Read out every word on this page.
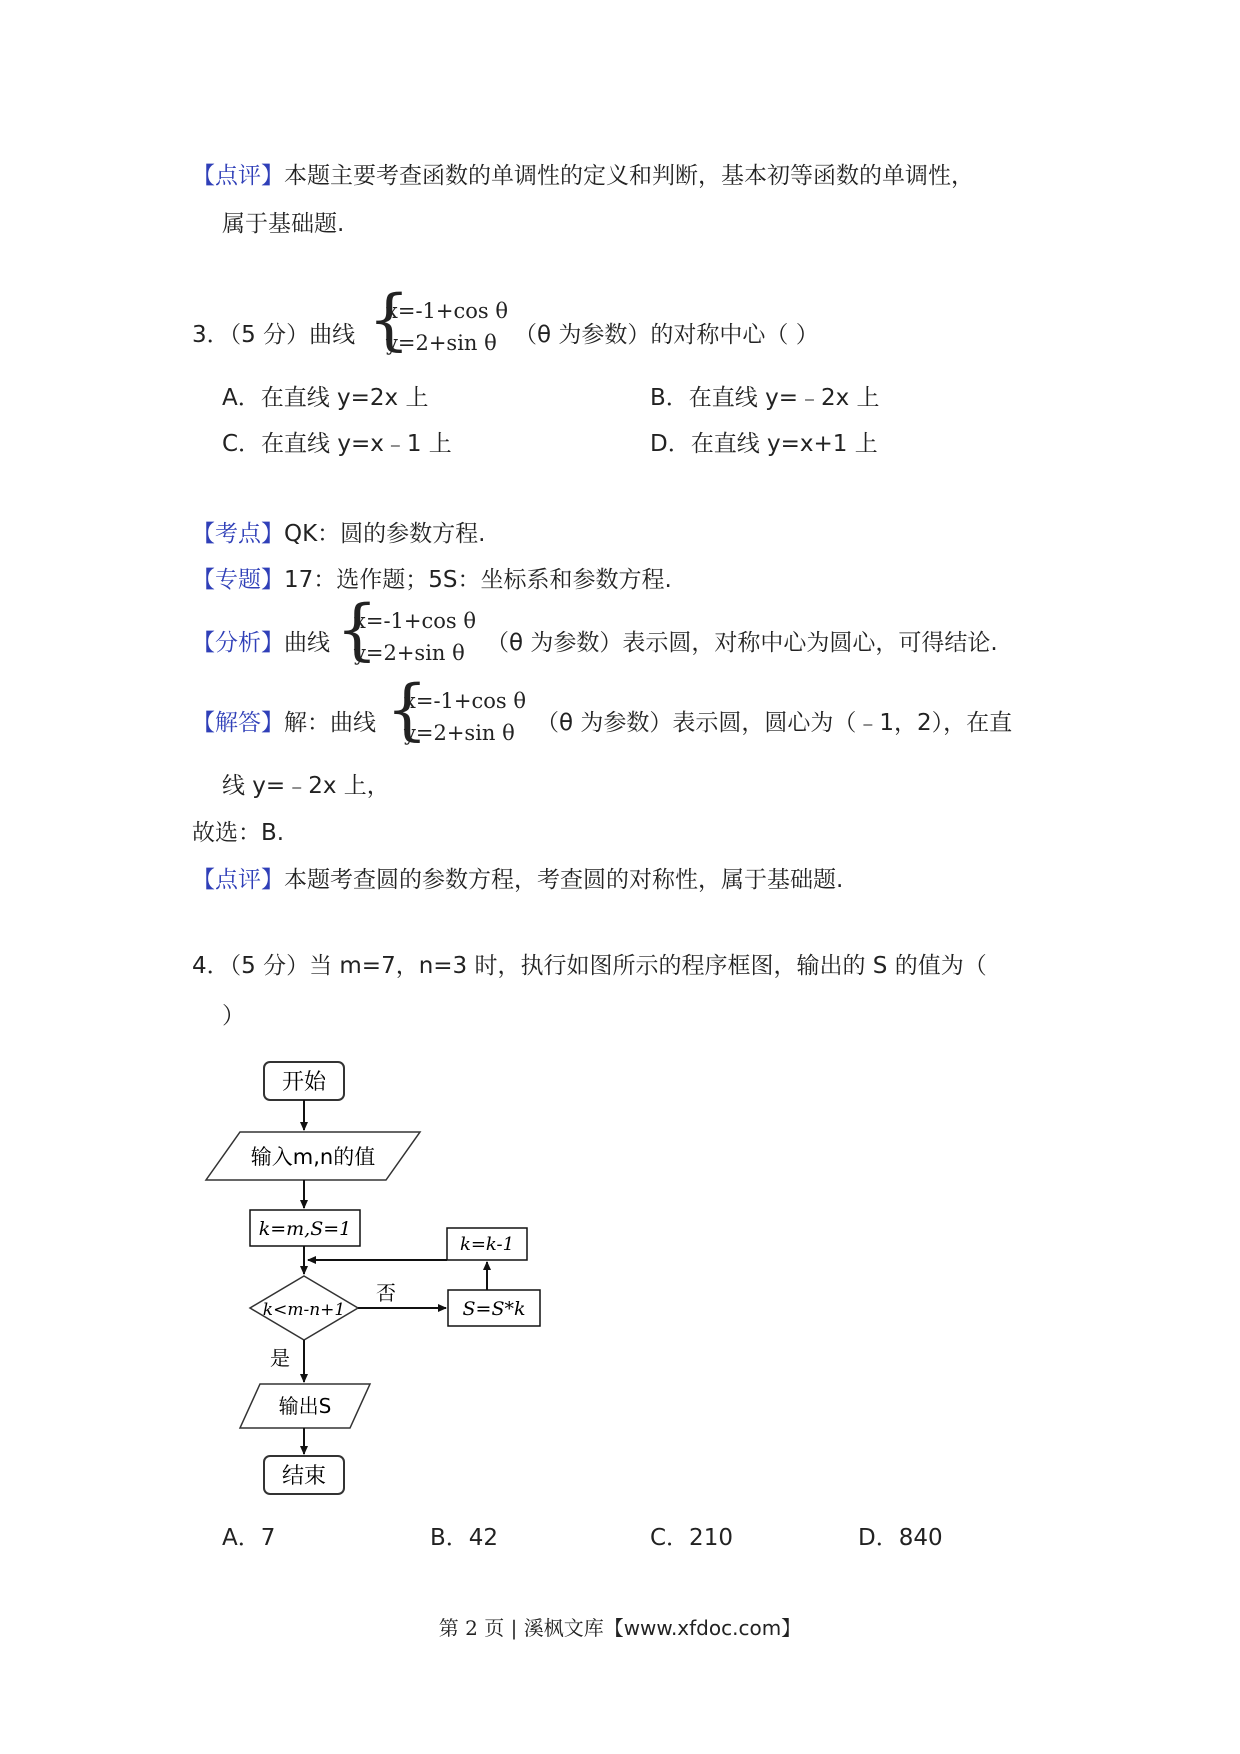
【点评】本题主要考查函数的单调性的定义和判断，基本初等函数的单调性，
属于基础题.
3．（5 分）曲线 {
x=-1+cos θ
y=2+sin θ （θ 为参数）的对称中心（ ）
A．在直线 y=2x 上	B．在直线 y=﹣2x 上
C．在直线 y=x﹣1 上	D．在直线 y=x+1 上
【考点】QK：圆的参数方程.
【专题】17：选作题；5S：坐标系和参数方程.
【分析】曲线 {
x=-1+cos θ
y=2+sin θ （θ 为参数）表示圆，对称中心为圆心，可得结论.
【解答】解：曲线 {
x=-1+cos θ
y=2+sin θ （θ 为参数）表示圆，圆心为（﹣1，2），在直
线 y=﹣2x 上，
故选：B.
【点评】本题考查圆的参数方程，考查圆的对称性，属于基础题.
4．（5 分）当 m=7，n=3 时，执行如图所示的程序框图，输出的 S 的值为（
）
开始
输入m,n的值
k=m,S=1
k=k-1
k<m-n+1
否
S=S*k
是
输出S
结束
A．7	B．42	C．210	D．840
第 2 页 | 溪枫文库【www.xfdoc.com】
